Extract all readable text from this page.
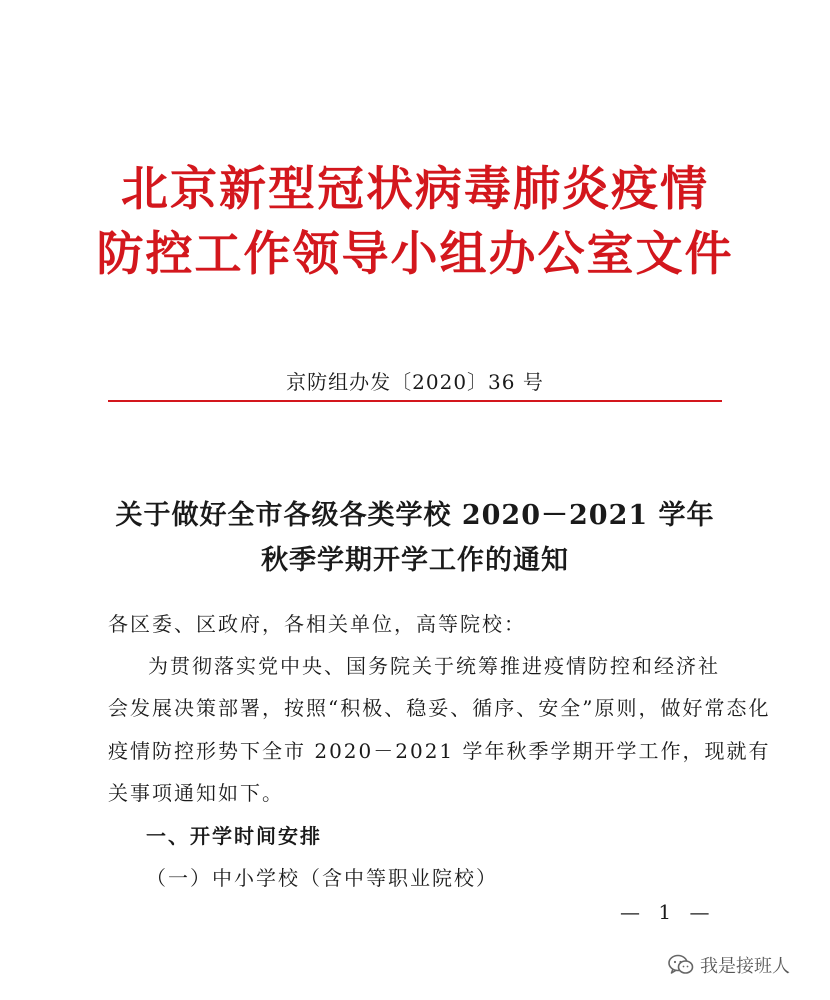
北京新型冠状病毒肺炎疫情
防控工作领导小组办公室文件
京防组办发〔2020〕36 号
关于做好全市各级各类学校 2020－2021 学年
秋季学期开学工作的通知
各区委、区政府，各相关单位，高等院校：
为贯彻落实党中央、国务院关于统筹推进疫情防控和经济社
会发展决策部署，按照“积极、稳妥、循序、安全”原则，做好常态化
疫情防控形势下全市 2020－2021 学年秋季学期开学工作，现就有
关事项通知如下。
一、开学时间安排
（一）中小学校（含中等职业院校）
— 1 —
我是接班人
